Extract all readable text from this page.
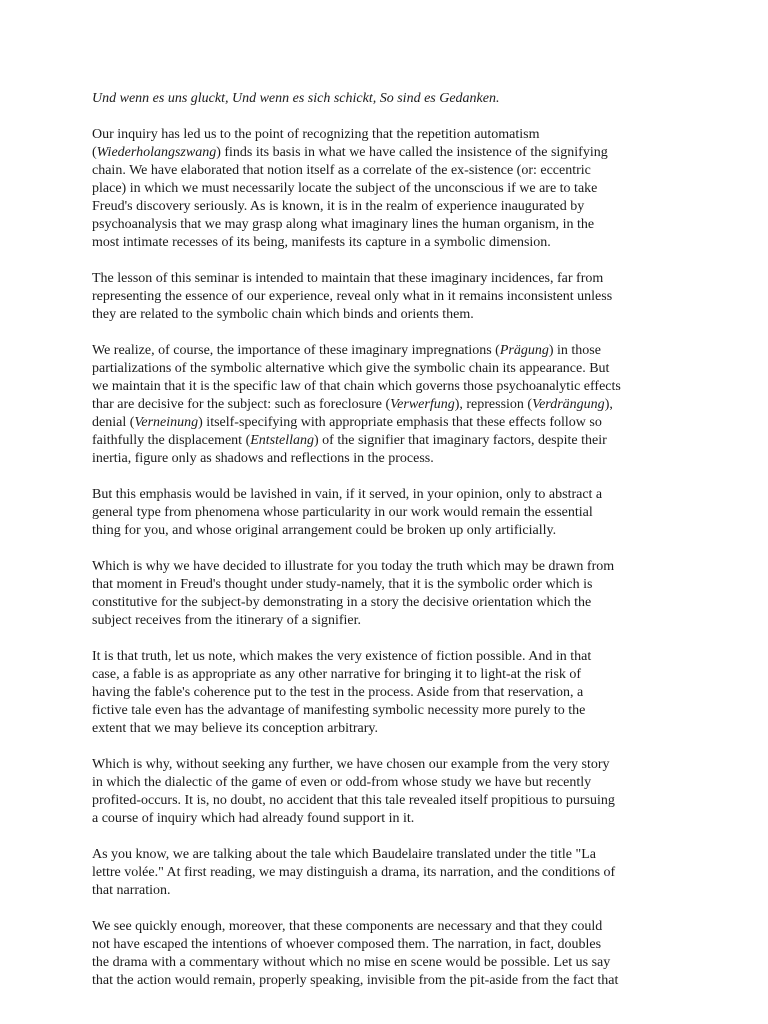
Und wenn es uns gluckt, Und wenn es sich schickt, So sind es Gedanken.

Our inquiry has led us to the point of recognizing that the repetition automatism
(Wiederholangszwang) finds its basis in what we have called the insistence of the signifying
chain. We have elaborated that notion itself as a correlate of the ex-sistence (or: eccentric
place) in which we must necessarily locate the subject of the unconscious if we are to take
Freud's discovery seriously. As is known, it is in the realm of experience inaugurated by
psychoanalysis that we may grasp along what imaginary lines the human organism, in the
most intimate recesses of its being, manifests its capture in a symbolic dimension.

The lesson of this seminar is intended to maintain that these imaginary incidences, far from
representing the essence of our experience, reveal only what in it remains inconsistent unless
they are related to the symbolic chain which binds and orients them.

We realize, of course, the importance of these imaginary impregnations (Prägung) in those
partializations of the symbolic alternative which give the symbolic chain its appearance. But
we maintain that it is the specific law of that chain which governs those psychoanalytic effects
thar are decisive for the subject: such as foreclosure (Verwerfung), repression (Verdrängung),
denial (Verneinung) itself-specifying with appropriate emphasis that these effects follow so
faithfully the displacement (Entstellang) of the signifier that imaginary factors, despite their
inertia, figure only as shadows and reflections in the process.

But this emphasis would be lavished in vain, if it served, in your opinion, only to abstract a
general type from phenomena whose particularity in our work would remain the essential
thing for you, and whose original arrangement could be broken up only artificially.

Which is why we have decided to illustrate for you today the truth which may be drawn from
that moment in Freud's thought under study-namely, that it is the symbolic order which is
constitutive for the subject-by demonstrating in a story the decisive orientation which the
subject receives from the itinerary of a signifier.

It is that truth, let us note, which makes the very existence of fiction possible. And in that
case, a fable is as appropriate as any other narrative for bringing it to light-at the risk of
having the fable's coherence put to the test in the process. Aside from that reservation, a
fictive tale even has the advantage of manifesting symbolic necessity more purely to the
extent that we may believe its conception arbitrary.

Which is why, without seeking any further, we have chosen our example from the very story
in which the dialectic of the game of even or odd-from whose study we have but recently
profited-occurs. It is, no doubt, no accident that this tale revealed itself propitious to pursuing
a course of inquiry which had already found support in it.

As you know, we are talking about the tale which Baudelaire translated under the title "La
lettre volée." At first reading, we may distinguish a drama, its narration, and the conditions of
that narration.

We see quickly enough, moreover, that these components are necessary and that they could
not have escaped the intentions of whoever composed them. The narration, in fact, doubles
the drama with a commentary without which no mise en scene would be possible. Let us say
that the action would remain, properly speaking, invisible from the pit-aside from the fact that
